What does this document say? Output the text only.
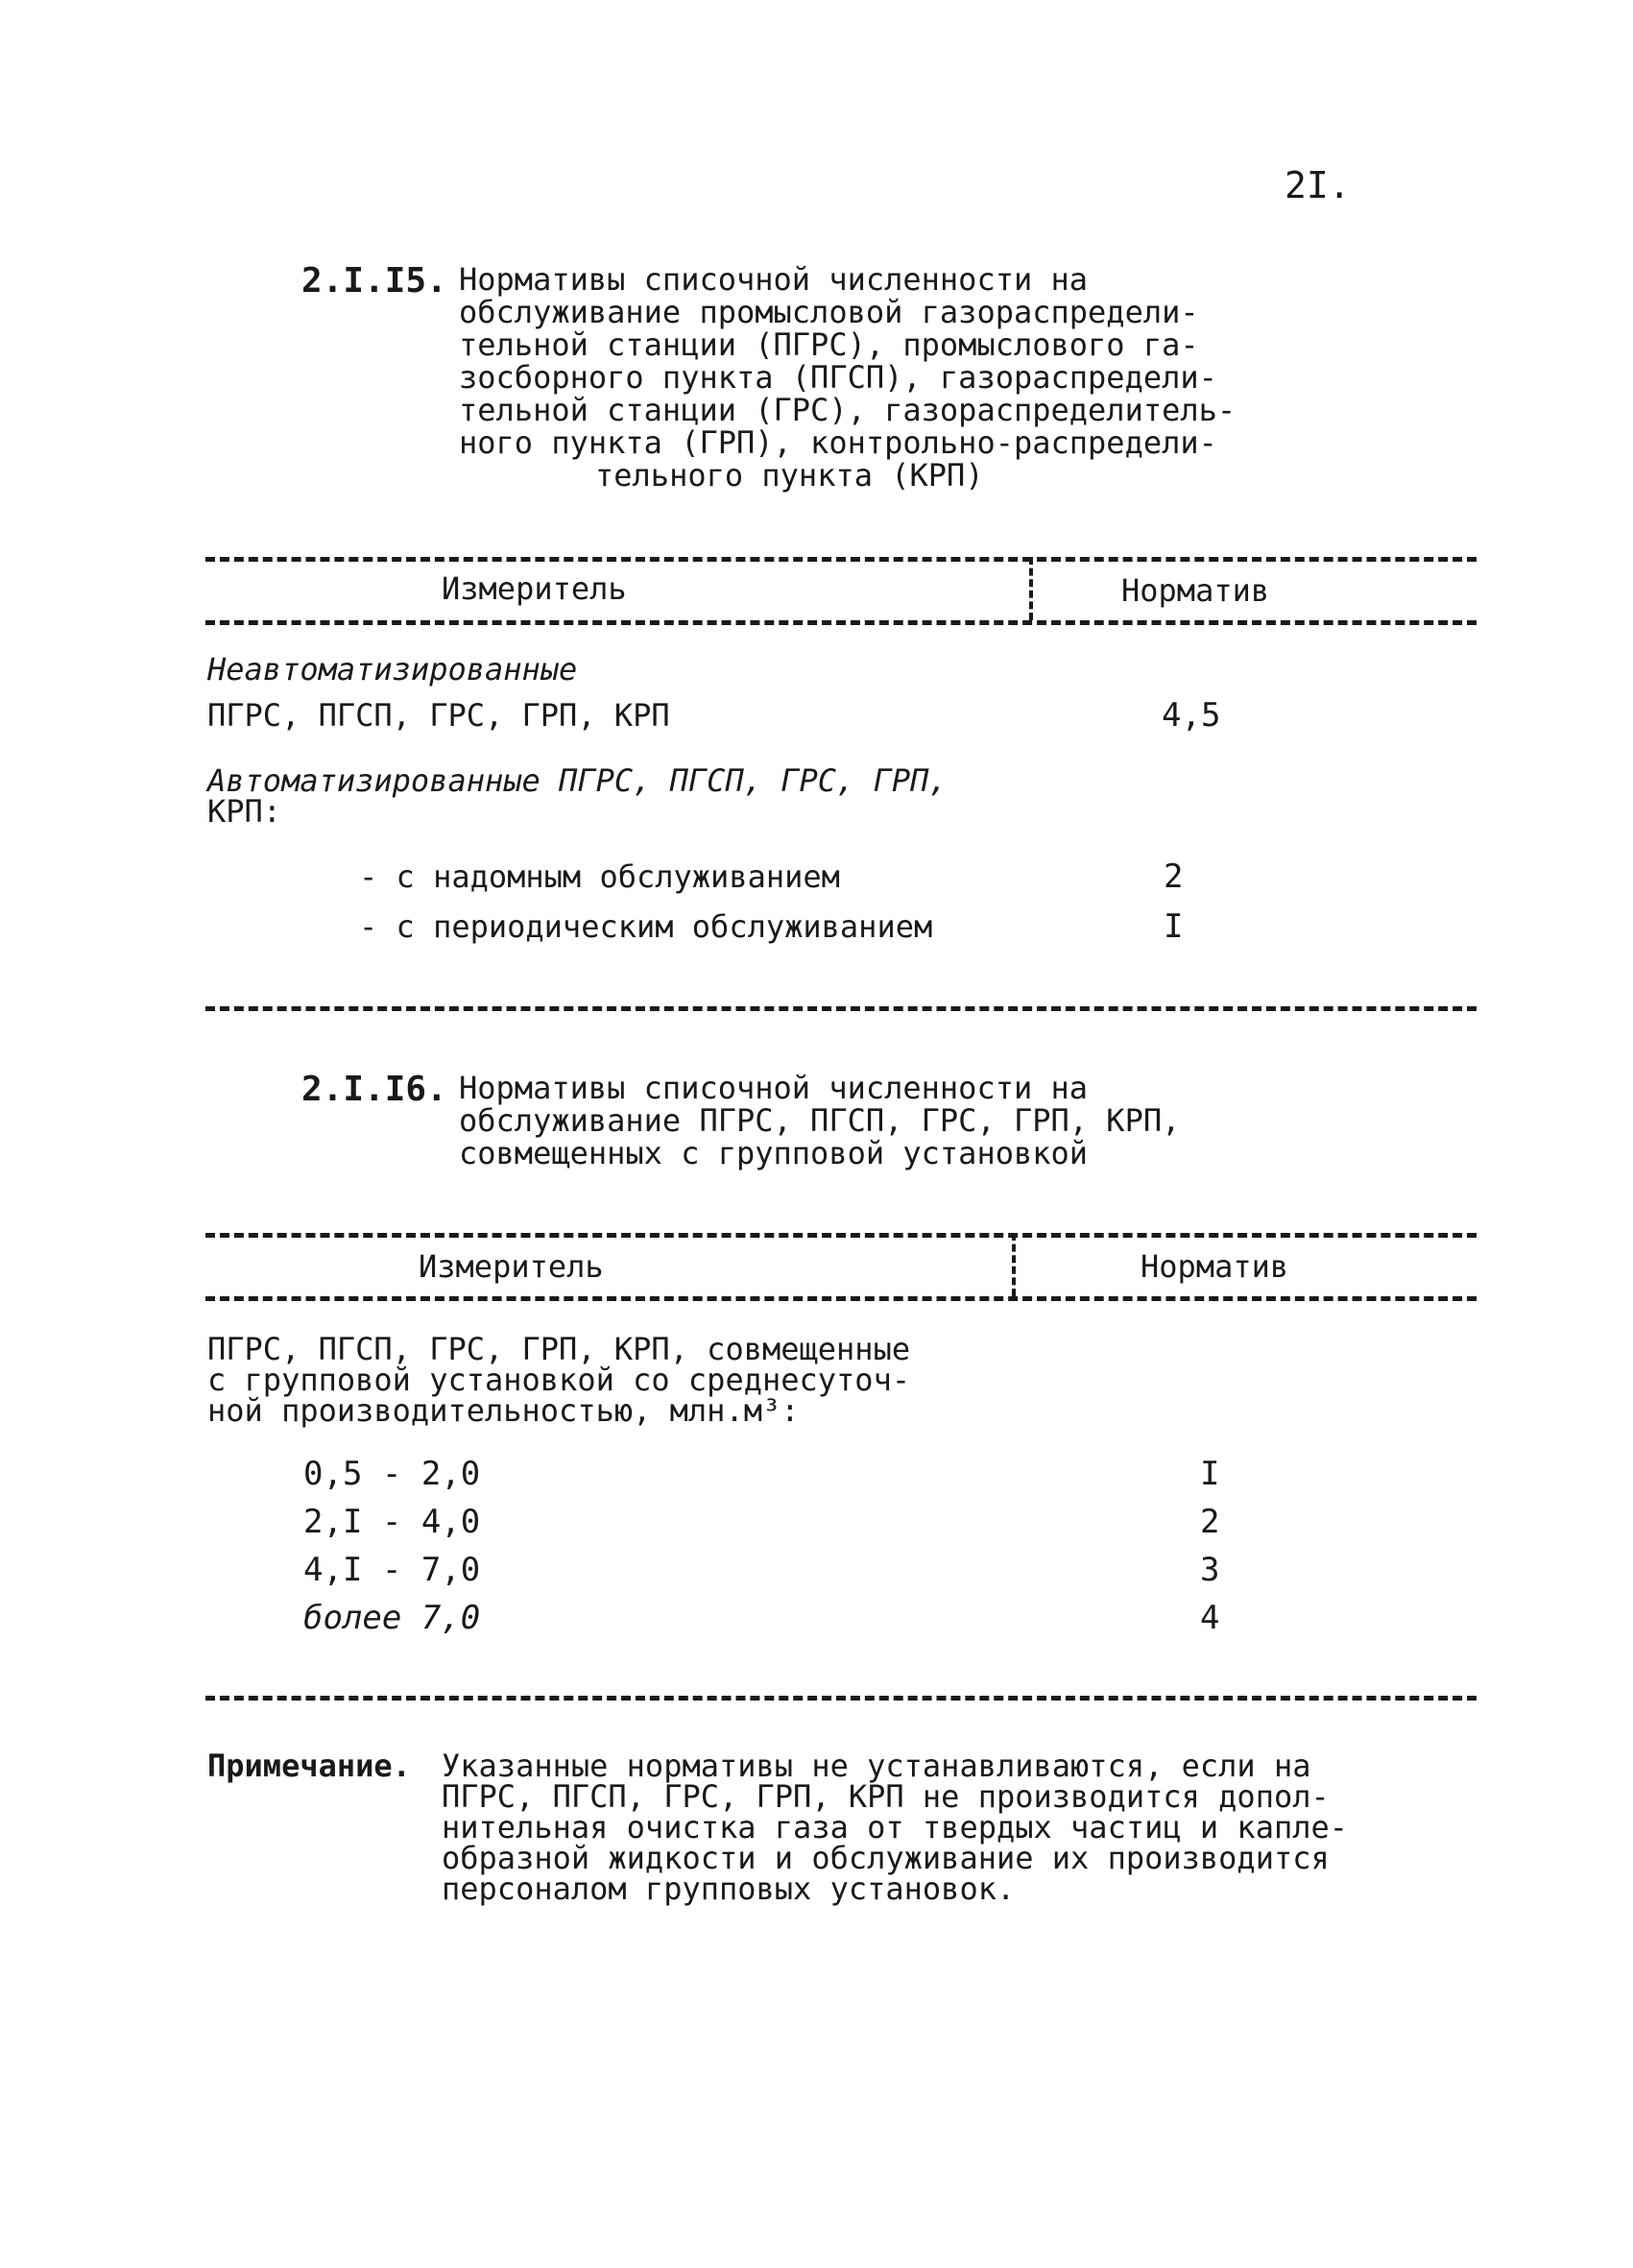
2I.
2.I.I5. Нормативы списочной численности на
обслуживание промысловой газораспредели-
тельной станции (ПГРС), промыслового га-
зосборного пункта (ПГСП), газораспредели-
тельной станции (ГРС), газораспределитель-
ного пункта (ГРП), контрольно-распредели-
тельного пункта (КРП)
Измеритель	Норматив
Неавтоматизированные
ПГРС, ПГСП, ГРС, ГРП, КРП	4,5
Автоматизированные ПГРС, ПГСП, ГРС, ГРП,
КРП:
- с надомным обслуживанием	2
- с периодическим обслуживанием	I
2.I.I6. Нормативы списочной численности на
обслуживание ПГРС, ПГСП, ГРС, ГРП, КРП,
совмещенных с групповой установкой
Измеритель	Норматив
ПГРС, ПГСП, ГРС, ГРП, КРП, совмещенные
с групповой установкой со среднесуточ-
ной производительностью, млн.м³:
0,5 - 2,0	I
2,I - 4,0	2
4,I - 7,0	3
более 7,0	4
Примечание. Указанные нормативы не устанавливаются, если на
ПГРС, ПГСП, ГРС, ГРП, КРП не производится допол-
нительная очистка газа от твердых частиц и капле-
образной жидкости и обслуживание их производится
персоналом групповых установок.
